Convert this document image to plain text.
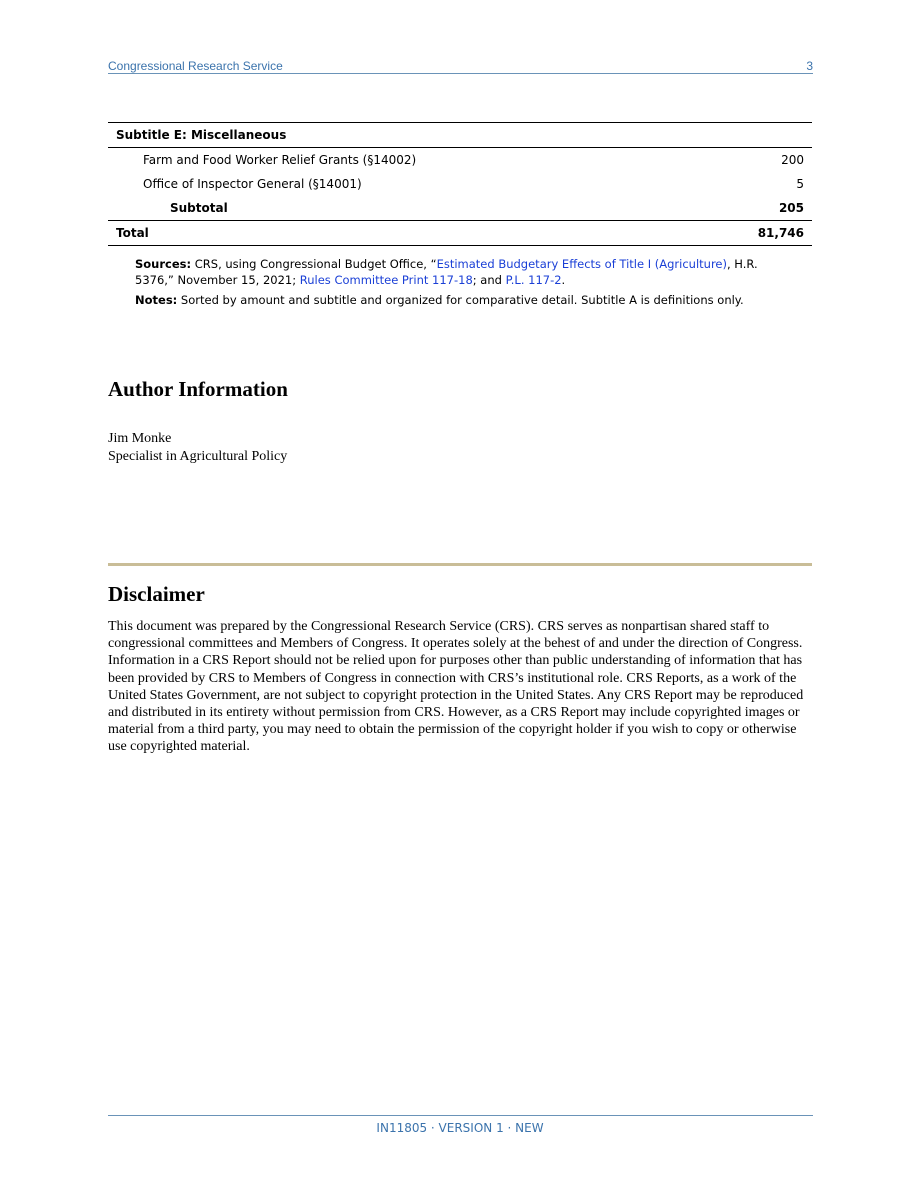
Congressional Research Service	3
Subtitle E: Miscellaneous	
Farm and Food Worker Relief Grants (§14002)	200
Office of Inspector General (§14001)	5
Subtotal	205
Total	81,746

Sources: CRS, using Congressional Budget Office, “Estimated Budgetary Effects of Title I (Agriculture), H.R. 5376,” November 15, 2021; Rules Committee Print 117-18; and P.L. 117-2.

Notes: Sorted by amount and subtitle and organized for comparative detail. Subtitle A is definitions only.

Author Information
Jim Monke
Specialist in Agricultural Policy
Disclaimer

This document was prepared by the Congressional Research Service (CRS). CRS serves as nonpartisan shared staff to congressional committees and Members of Congress. It operates solely at the behest of and under the direction of Congress. Information in a CRS Report should not be relied upon for purposes other than public understanding of information that has been provided by CRS to Members of Congress in connection with CRS’s institutional role. CRS Reports, as a work of the United States Government, are not subject to copyright protection in the United States. Any CRS Report may be reproduced and distributed in its entirety without permission from CRS. However, as a CRS Report may include copyrighted images or material from a third party, you may need to obtain the permission of the copyright holder if you wish to copy or otherwise use copyrighted material.

IN11805 · VERSION 1 · NEW
